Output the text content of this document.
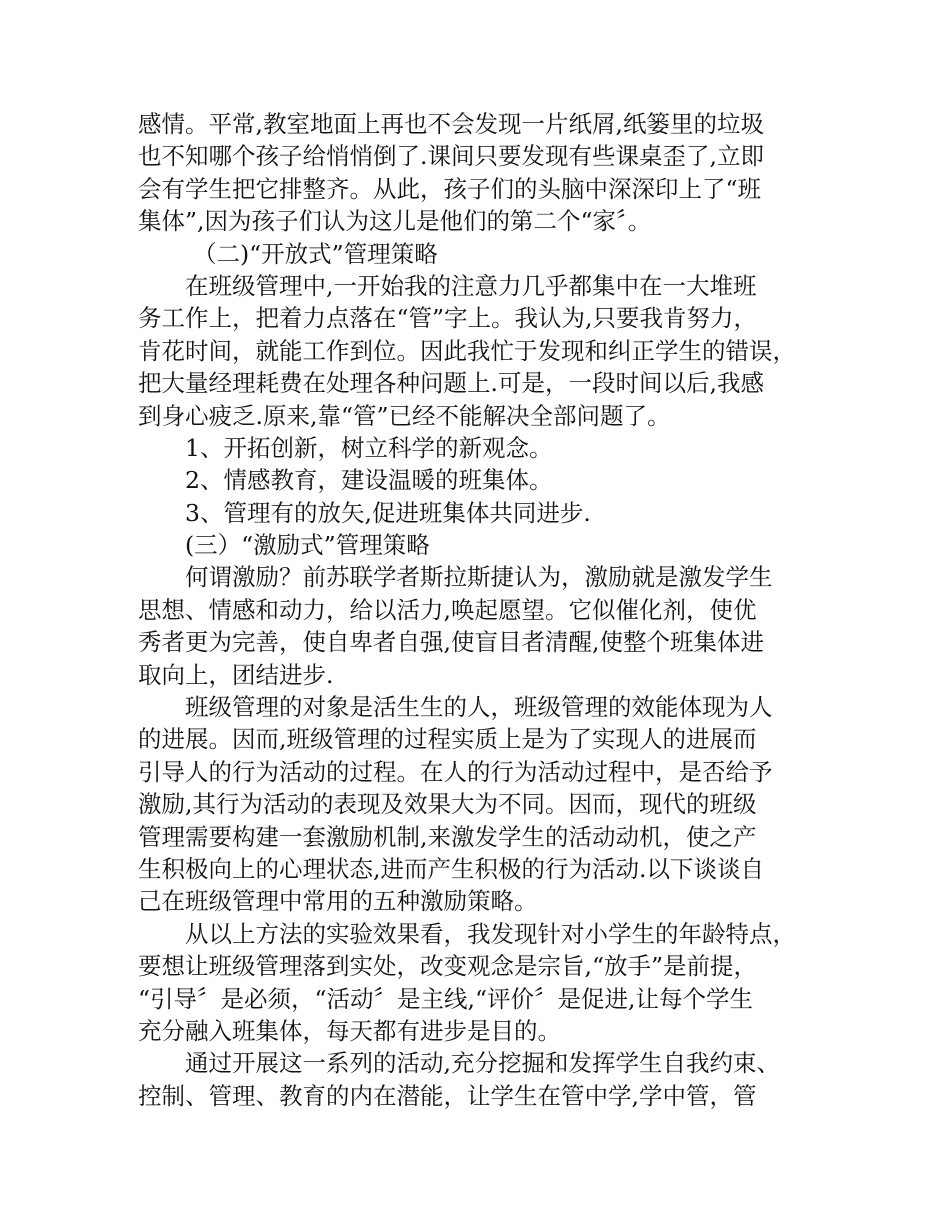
感情。平常,教室地面上再也不会发现一片纸屑,纸篓里的垃圾
也不知哪个孩子给悄悄倒了.课间只要发现有些课桌歪了,立即
会有学生把它排整齐。从此，孩子们的头脑中深深印上了“班
集体”,因为孩子们认为这儿是他们的第二个“家〞。
（二)“开放式”管理策略
在班级管理中,一开始我的注意力几乎都集中在一大堆班
务工作上，把着力点落在“管”字上。我认为,只要我肯努力，
肯花时间，就能工作到位。因此我忙于发现和纠正学生的错误，
把大量经理耗费在处理各种问题上.可是，一段时间以后,我感
到身心疲乏.原来,靠“管”已经不能解决全部问题了。
1、开拓创新，树立科学的新观念。
2、情感教育，建设温暖的班集体。
3、管理有的放矢,促进班集体共同进步.
(三）“激励式”管理策略
何谓激励？前苏联学者斯拉斯捷认为，激励就是激发学生
思想、情感和动力，给以活力,唤起愿望。它似催化剂，使优
秀者更为完善，使自卑者自强,使盲目者清醒,使整个班集体进
取向上，团结进步.
班级管理的对象是活生生的人，班级管理的效能体现为人
的进展。因而,班级管理的过程实质上是为了实现人的进展而
引导人的行为活动的过程。在人的行为活动过程中，是否给予
激励,其行为活动的表现及效果大为不同。因而，现代的班级
管理需要构建一套激励机制,来激发学生的活动动机，使之产
生积极向上的心理状态,进而产生积极的行为活动.以下谈谈自
己在班级管理中常用的五种激励策略。
从以上方法的实验效果看，我发现针对小学生的年龄特点，
要想让班级管理落到实处，改变观念是宗旨,“放手”是前提，
“引导〞是必须，“活动〞是主线,“评价〞是促进,让每个学生
充分融入班集体，每天都有进步是目的。
通过开展这一系列的活动,充分挖掘和发挥学生自我约束、
控制、管理、教育的内在潜能，让学生在管中学,学中管，管
